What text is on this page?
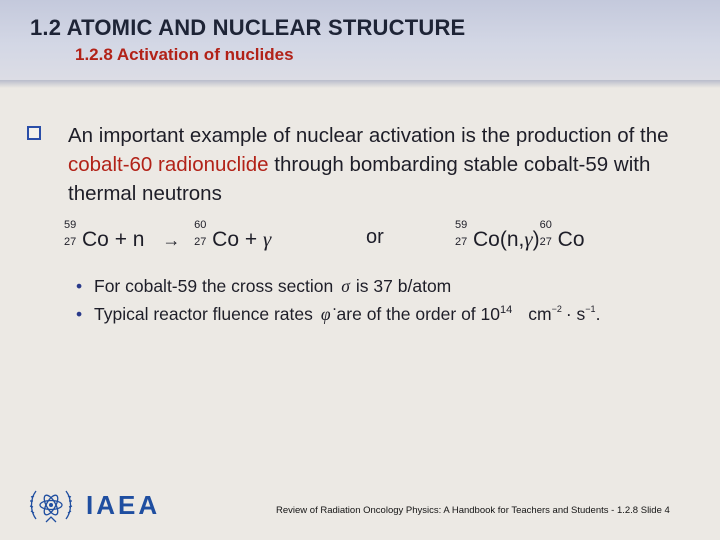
1.2 ATOMIC AND NUCLEAR STRUCTURE
1.2.8 Activation of nuclides
An important example of nuclear activation is the production of the cobalt-60 radionuclide through bombarding stable cobalt-59 with thermal neutrons
59
27 Co + n →
60
27 Co + γ	or
59
27 Co(n,γ)
60
27 Co
• For cobalt-59 the cross section σ is 37 b/atom
• Typical reactor fluence rates φ̇ are of the order of $10^{14}$ $cm^{-2} \cdot s^{-1}$.
IAEA	Review of Radiation Oncology Physics: A Handbook for Teachers and Students - 1.2.8 Slide 4
